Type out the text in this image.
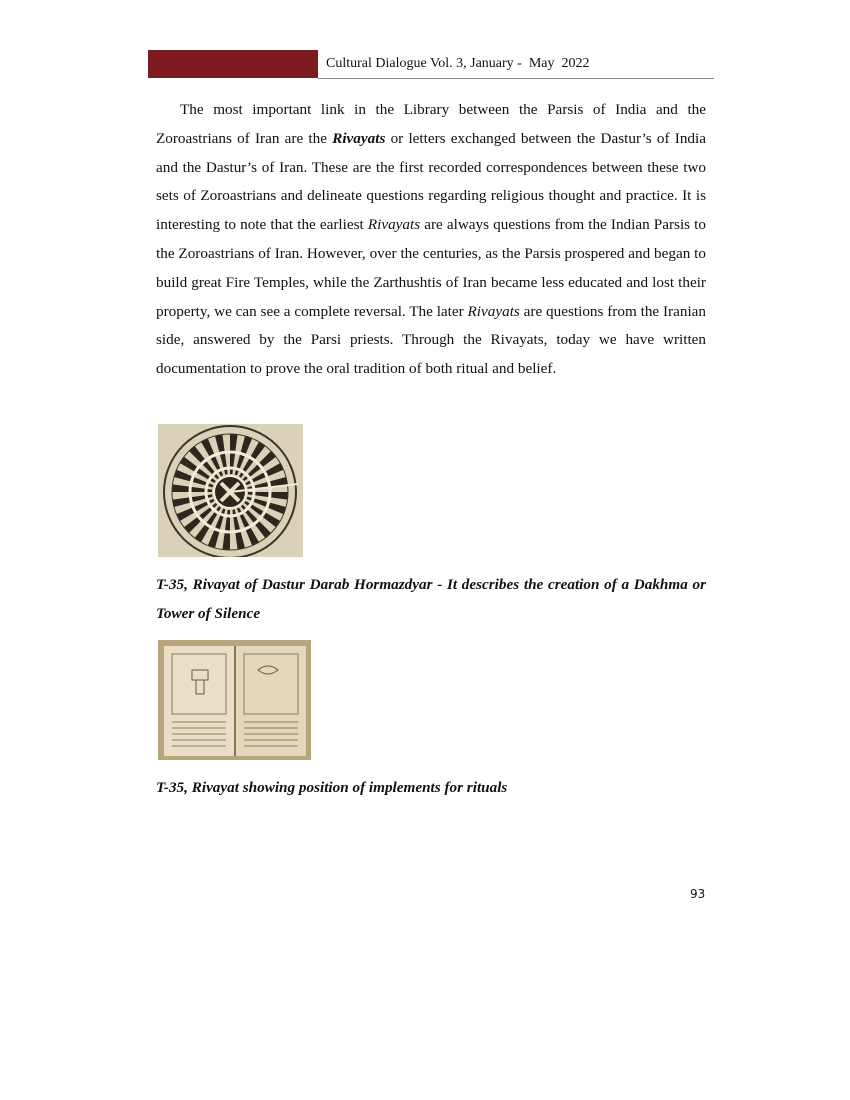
Cultural Dialogue Vol. 3, January -  May  2022

The most important link in the Library between the Parsis of India and the Zoroastrians of Iran are the Rivayats or letters exchanged between the Dastur’s of India and the Dastur’s of Iran. These are the first recorded correspondences between these two sets of Zoroastrians and delineate questions regarding religious thought and practice. It is interesting to note that the earliest Rivayats are always questions from the Indian Parsis to the Zoroastrians of Iran. However, over the centuries, as the Parsis prospered and began to build great Fire Temples, while the Zarthushtis of Iran became less educated and lost their property, we can see a complete reversal. The later Rivayats are questions from the Iranian side, answered by the Parsi priests. Through the Rivayats, today we have written documentation to prove the oral tradition of both ritual and belief.

T-35, Rivayat of Dastur Darab Hormazdyar - It describes the creation of a Dakhma or Tower of Silence

T-35, Rivayat showing position of implements for rituals

93
